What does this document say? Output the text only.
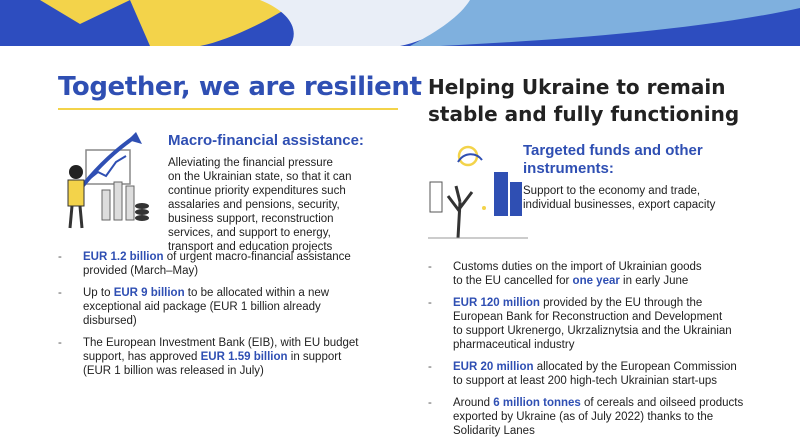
Together, we are resilient
Macro-financial assistance:
Alleviating the financial pressure
on the Ukrainian state, so that it can
continue priority expenditures such
assalaries and pensions, security,
business support, reconstruction
services, and support to energy,
transport and education projects
- EUR 1.2 billion of urgent macro-financial assistance
provided (March–May)
- Up to EUR 9 billion to be allocated within a new
exceptional aid package (EUR 1 billion already
disbursed)
- The European Investment Bank (EIB), with EU budget
support, has approved EUR 1.59 billion in support
(EUR 1 billion was released in July)
Helping Ukraine to remain
stable and fully functioning
Targeted funds and other
instruments:
Support to the economy and trade,
individual businesses, export capacity
- Customs duties on the import of Ukrainian goods
to the EU cancelled for one year in early June
- EUR 120 million provided by the EU through the
European Bank for Reconstruction and Development
to support Ukrenergo, Ukrzaliznytsia and the Ukrainian
pharmaceutical industry
- EUR 20 million allocated by the European Commission
to support at least 200 high-tech Ukrainian start-ups
- Around 6 million tonnes of cereals and oilseed products
exported by Ukraine (as of July 2022) thanks to the
Solidarity Lanes
